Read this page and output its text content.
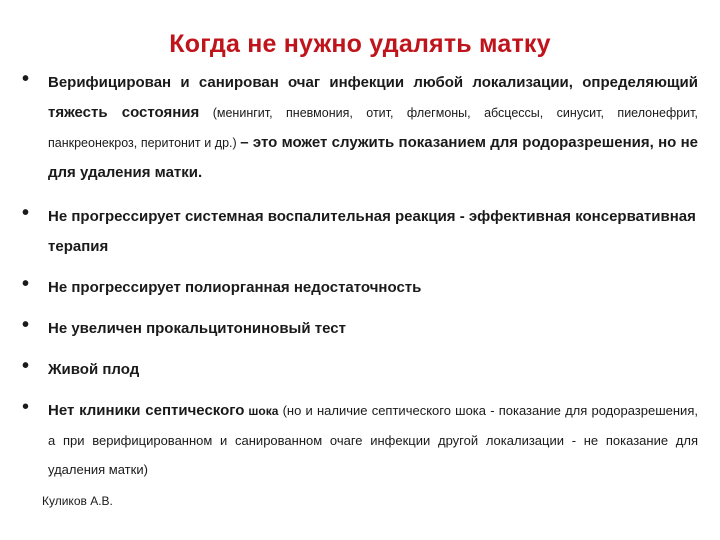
Когда не нужно удалять матку
• Верифицирован и санирован очаг инфекции любой локализации, определяющий тяжесть состояния (менингит, пневмония, отит, флегмоны, абсцессы, синусит, пиелонефрит, панкреонекроз, перитонит и др.) – это может служить показанием для родоразрешения, но не для удаления матки.
• Не прогрессирует системная воспалительная реакция - эффективная консервативная терапия
• Не прогрессирует полиорганная недостаточность
• Не увеличен прокальцитониновый тест
• Живой плод
• Нет клиники септического шока (но и наличие септического шока - показание для родоразрешения, а при верифицированном и санированном очаге инфекции другой локализации - не показание для удаления матки)
Куликов А.В.
